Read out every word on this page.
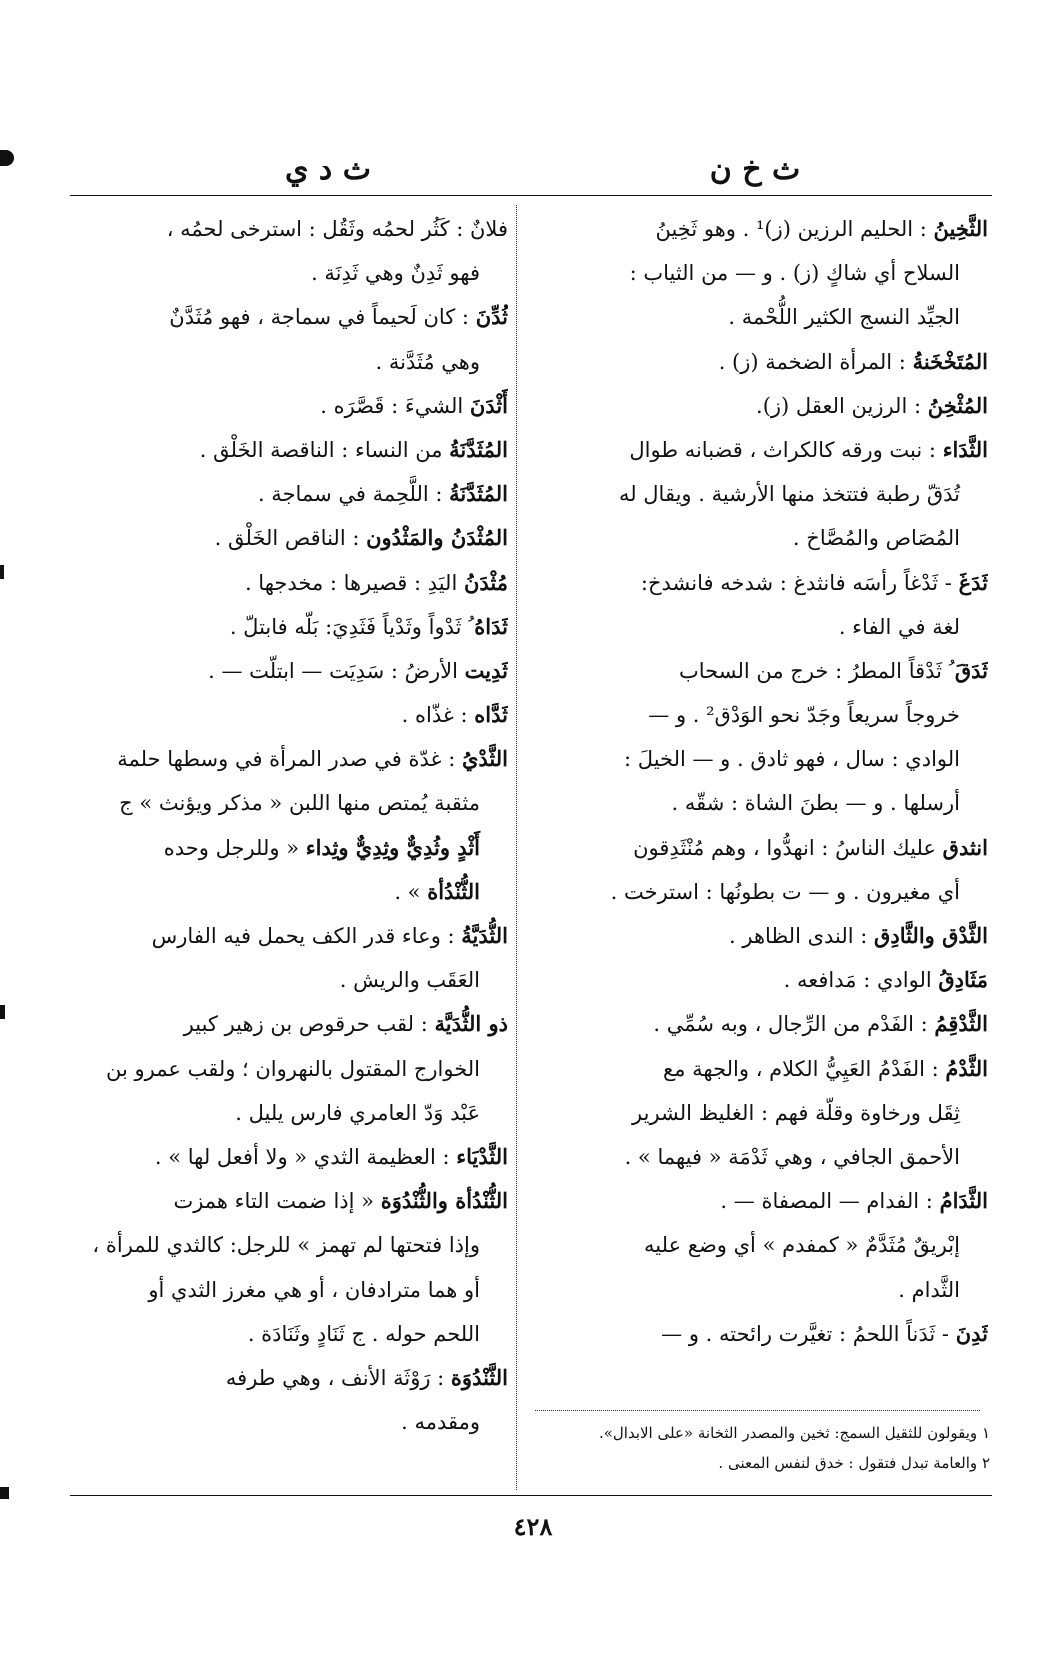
ث خ ن
ث د ي
الثَّخِينُ : الحليم الرزين (ز)¹ . وهو ثَخِينُ
السلاح أي شاكٍ (ز) . و — من الثياب :
الجيِّد النسج الكثير اللُّحْمة .
المُتَخْخَنةُ : المرأة الضخمة (ز) .
المُثْخِنُ : الرزين العقل (ز).
الثَّدَاء : نبت ورقه كالكراث ، قضبانه طوال
تُدَقّ رطبة فتتخذ منها الأرشية . ويقال له
المُصَاص والمُصَّاخ .
ثَدَغَ - ثَدْغاً رأسَه فانثدغ : شدخه فانشدخ:
لغة في الفاء .
ثَدَقَ ُ ثَدْقاً المطرُ : خرج من السحاب
خروجاً سريعاً وجَدّ نحو الوَدْق² . و —
الوادي : سال ، فهو ثادق . و — الخيلَ :
أرسلها . و — بطنَ الشاة : شقّه .
انثدق عليك الناسُ : انهدُّوا ، وهم مُنْثَدِقون
أي مغيرون . و — ت بطونُها : استرخت .
الثَّدْق والثَّادِق : الندى الظاهر .
مَثَادِقُ الوادي : مَدافعه .
الثَّدْقِمُ : الفَدْم من الرِّجال ، وبه سُمِّي .
الثَّدْمُ : الفَدْمُ العَيِيُّ الكلام ، والجهة مع
ثِقَل ورخاوة وقلّة فهم : الغليظ الشرير
الأحمق الجافي ، وهي ثَدْمَة « فيهما » .
الثَّدَامُ : الفدام — المصفاة — .
إبْريقٌ مُثَدَّمٌ « كمفدم » أي وضع عليه
الثَّدام .
ثَدِنَ - ثَدَناً اللحمُ : تغيَّرت رائحته . و —
فلانٌ : كَثُر لحمُه وثَقُل : استرخى لحمُه ،
فهو ثَدِنٌ وهي ثَدِنَة .
ثُدِّنَ : كان لَحيماً في سماجة ، فهو مُثَدَّنٌ
وهي مُثَدَّنة .
أَثْدَنَ الشيءَ : قَصَّرَه .
المُثَدَّنَةُ من النساء : الناقصة الخَلْق .
المُثَدَّنَةُ : اللَّحِمة في سماجة .
المُثْدَنُ والمَثْدُون : الناقص الخَلْق .
مُثْدَنُ اليَدِ : قصيرها : مخدجها .
ثَدَاهُ ُ ثَدْواً وثَدْياً فَثَدِيَ: بَلّه فابتلّ .
ثَدِيت الأرضُ : سَدِيَت — ابتلّت — .
ثَدَّاه : غذّاه .
الثَّدْيُ : غدّة في صدر المرأة في وسطها حلمة
مثقبة يُمتص منها اللبن « مذكر ويؤنث » ج
أَثْدٍ وثُدِيٌّ وثِدِيٌّ وثِداء « وللرجل وحده
الثُّنْدُأة » .
الثُّدَيَّةُ : وعاء قدر الكف يحمل فيه الفارس
العَقَب والريش .
ذو الثُّدَيَّة : لقب حرقوص بن زهير كبير
الخوارج المقتول بالنهروان ؛ ولقب عمرو بن
عَبْد وَدّ العامري فارس يليل .
الثَّدْيَاء : العظيمة الثدي « ولا أفعل لها » .
الثُّنْدُأة والثُّنْدُوَة « إذا ضمت التاء همزت
وإذا فتحتها لم تهمز » للرجل: كالثدي للمرأة ،
أو هما مترادفان ، أو هي مغرز الثدي أو
اللحم حوله . ج ثَنَادٍ وثَنَادَة .
الثَّنْدُوَة : رَوْثَة الأنف ، وهي طرفه
ومقدمه .	١ ويقولون للثقيل السمج: ثخين والمصدر الثخانة «على الابدال».
٢ والعامة تبدل فتقول : خدق لنفس المعنى .
٤٢٨
